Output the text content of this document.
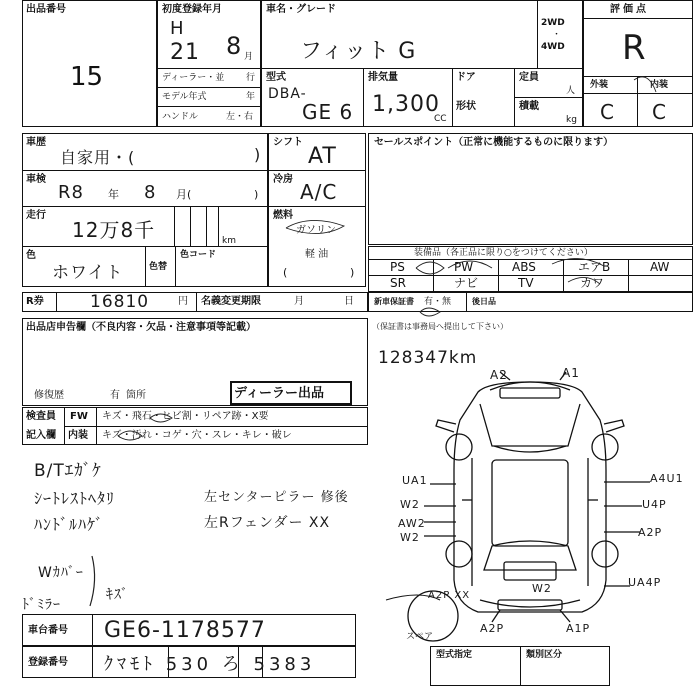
出品番号
15
初度登録年月
H
21 8 月
ディーラー・並 行
モデル年式	年
ハンドル	左・右
車名・グレード
フィット G
2WD
・
4WD
型式
DBA-
GE 6
排気量
1,300
CC
ドア
形状
定員
人
積載
kg
評価点
R
外装	内装
C C
車歴
自家用・(	)
車検
R8 年 8 月(	)
走行
12万8千	km
色
ホワイト	色替
色コード
シフト
AT
冷房
A/C
燃料
ガソリン
軽 油
(	)
セールスポイント（正常に機能するものに限ります）
装備品（各正品に限り○をつけてください）
PS	PW	ABS	エアB	AW
SR	ナビ	TV	カワ
R券	16810	円 名義変更期限	月	日	新車保証書 有・無	後日品
（保証書は事務局へ提出して下さい）
出品店申告欄（不良内容・欠品・注意事項等記載）
修復歴	有 箇所	ディーラー出品
検査員
記入欄
FW キズ・飛石・ヒビ割・リペア跡・X要
内装 キズ・汚れ・コゲ・穴・スレ・キレ・破レ
B/Tｴｶﾞｹ
ｼｰﾄﾚｽﾄﾍﾀﾘ
ﾊﾝﾄﾞﾙﾊｹﾞ
Wｶﾊﾞｰ
ﾄﾞﾐﾗｰ
ｷｽﾞ
左センターピラー 修後
左Rフェンダー XX
128347km
A2	A1
UA1
W2
AW2
W2
A4U1
U4P
A2P
UA4P
A2P	A1P
W2
A2P XX
スペア
車台番号 GE6-1178577
登録番号 ｸﾏﾓﾄ 530 ろ 5383	型式指定	類別区分
